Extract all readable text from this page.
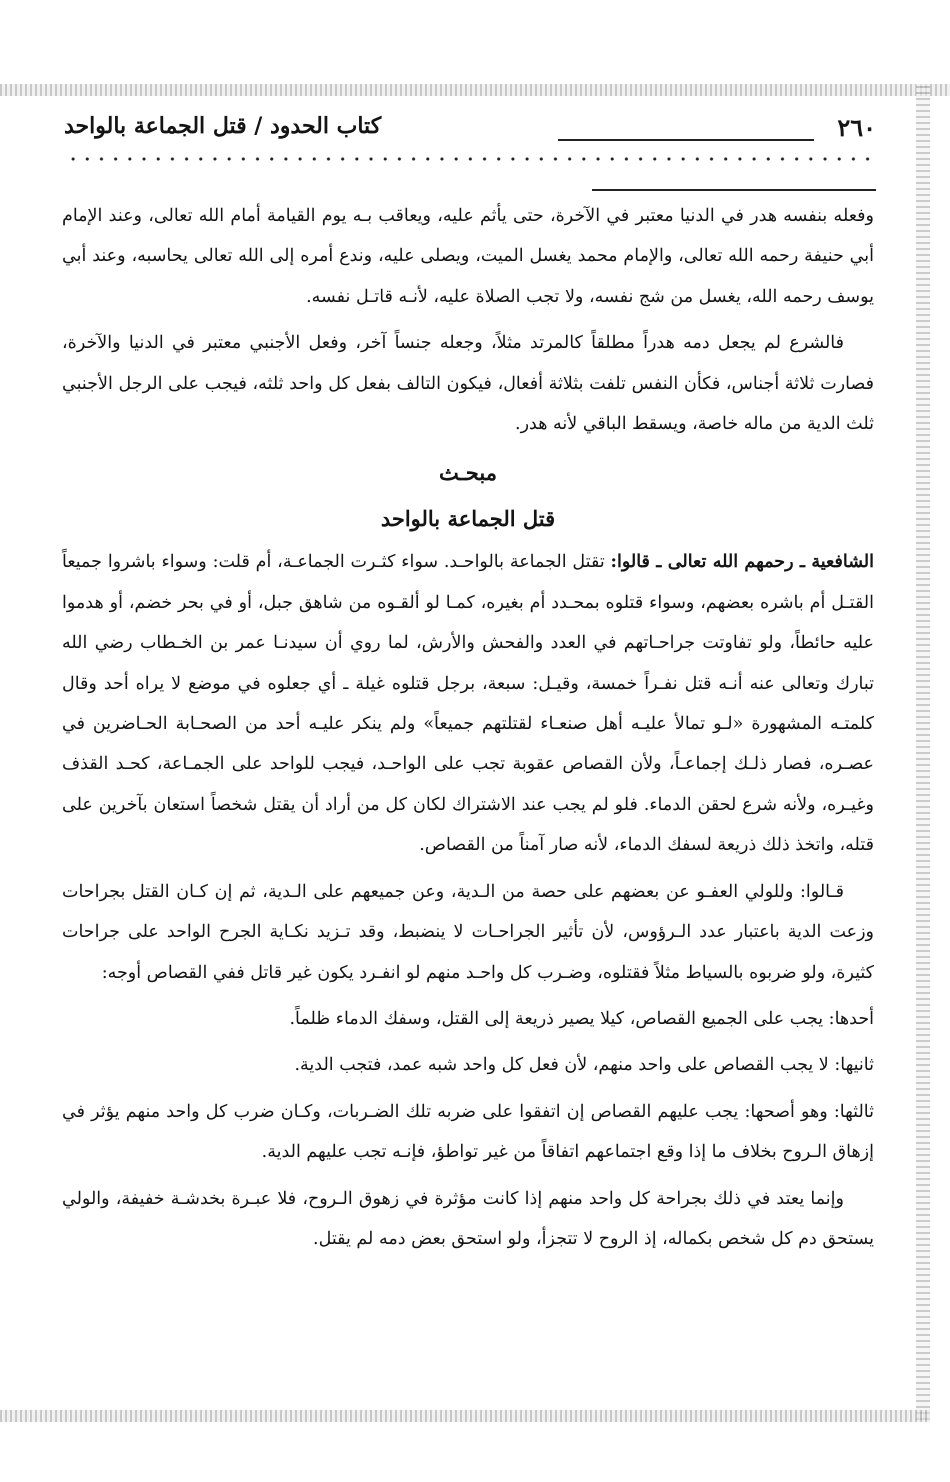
٢٦٠
كتاب الحدود / قتل الجماعة بالواحد

وفعله بنفسه هدر في الدنيا معتبر في الآخرة، حتى يأثم عليه، ويعاقب بـه يوم القيامة أمام الله تعالى، وعند الإمام أبي حنيفة رحمه الله تعالى، والإمام محمد يغسل الميت، ويصلى عليه، وندع أمره إلى الله تعالى يحاسبه، وعند أبي يوسف رحمه الله، يغسل من شج نفسه، ولا تجب الصلاة عليه، لأنـه قاتـل نفسه.

فالشرع لم يجعل دمه هدراً مطلقاً كالمرتد مثلاً، وجعله جنساً آخر، وفعل الأجنبي معتبر في الدنيا والآخرة، فصارت ثلاثة أجناس، فكأن النفس تلفت بثلاثة أفعال، فيكون التالف بفعل كل واحد ثلثه، فيجب على الرجل الأجنبي ثلث الدية من ماله خاصة، ويسقط الباقي لأنه هدر.

مبحـث

قتل الجماعة بالواحد

الشافعية ـ رحمهم الله تعالى ـ قالوا: تقتل الجماعة بالواحـد. سواء كثـرت الجماعـة، أم قلت: وسواء باشروا جميعاً القتـل أم باشره بعضهم، وسواء قتلوه بمحـدد أم بغيره، كمـا لو ألقـوه من شاهق جبل، أو في بحر خضم، أو هدموا عليه حائطاً، ولو تفاوتت جراحـاتهم في العدد والفحش والأرش، لما روي أن سيدنـا عمر بن الخـطاب رضي الله تبارك وتعالى عنه أنـه قتل نفـراً خمسة، وقيـل: سبعة، برجل قتلوه غيلة ـ أي جعلوه في موضع لا يراه أحد وقال كلمتـه المشهورة «لـو تمالأ عليـه أهل صنعـاء لقتلتهم جميعاً» ولم ينكر عليـه أحد من الصحـابة الحـاضرين في عصـره، فصار ذلـك إجماعـاً، ولأن القصاص عقوبة تجب على الواحـد، فيجب للواحد على الجمـاعة، كحـد القذف وغيـره، ولأنه شرع لحقن الدماء. فلو لم يجب عند الاشتراك لكان كل من أراد أن يقتل شخصاً استعان بآخرين على قتله، واتخذ ذلك ذريعة لسفك الدماء، لأنه صار آمناً من القصاص.

قـالوا: وللولي العفـو عن بعضهم على حصة من الـدية، وعن جميعهم على الـدية، ثم إن كـان القتل بجراحات وزعت الدية باعتبار عدد الـرؤوس، لأن تأثير الجراحـات لا ينضبط، وقد تـزيد نكـاية الجرح الواحد على جراحات كثيرة، ولو ضربوه بالسياط مثلاً فقتلوه، وضـرب كل واحـد منهم لو انفـرد يكون غير قاتل ففي القصاص أوجه:

أحدها: يجب على الجميع القصاص، كيلا يصير ذريعة إلى القتل، وسفك الدماء ظلماً.

ثانيها: لا يجب القصاص على واحد منهم، لأن فعل كل واحد شبه عمد، فتجب الدية.

ثالثها: وهو أصحها: يجب عليهم القصاص إن اتفقوا على ضربه تلك الضـربات، وكـان ضرب كل واحد منهم يؤثر في إزهاق الـروح بخلاف ما إذا وقع اجتماعهم اتفاقاً من غير تواطؤ، فإنـه تجب عليهم الدية.

وإنما يعتد في ذلك بجراحة كل واحد منهم إذا كانت مؤثرة في زهوق الـروح، فلا عبـرة بخدشـة خفيفة، والولي يستحق دم كل شخص بكماله، إذ الروح لا تتجزأ، ولو استحق بعض دمه لم يقتل.
